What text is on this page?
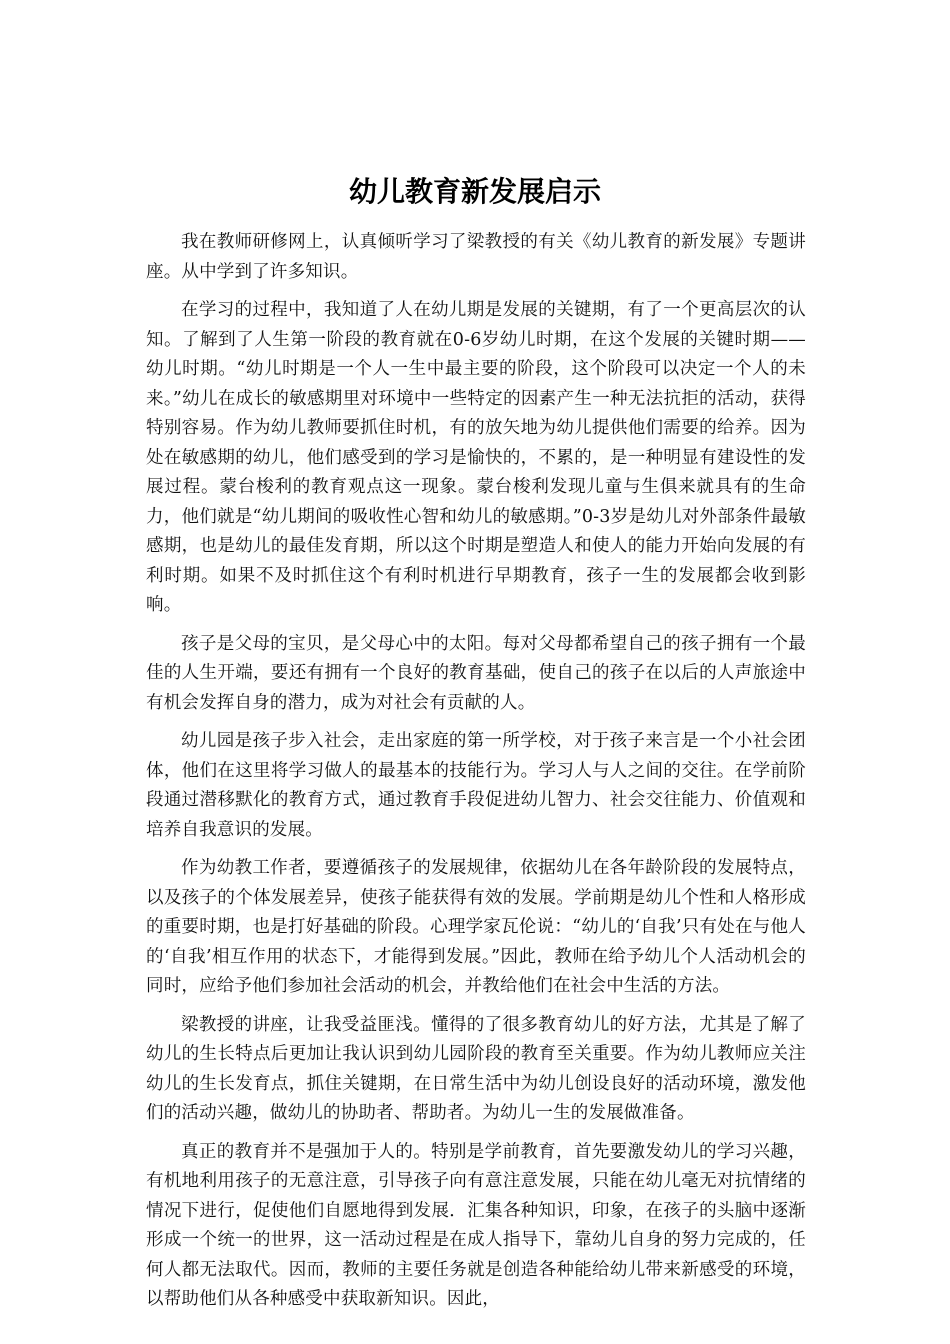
幼儿教育新发展启示

我在教师研修网上，认真倾听学习了梁教授的有关《幼儿教育的新发展》专题讲座。从中学到了许多知识。

在学习的过程中，我知道了人在幼儿期是发展的关键期，有了一个更高层次的认知。了解到了人生第一阶段的教育就在0-6岁幼儿时期，在这个发展的关键时期——幼儿时期。“幼儿时期是一个人一生中最主要的阶段，这个阶段可以决定一个人的未来。”幼儿在成长的敏感期里对环境中一些特定的因素产生一种无法抗拒的活动，获得特别容易。作为幼儿教师要抓住时机，有的放矢地为幼儿提供他们需要的给养。因为处在敏感期的幼儿，他们感受到的学习是愉快的，不累的，是一种明显有建设性的发展过程。蒙台梭利的教育观点这一现象。蒙台梭利发现儿童与生俱来就具有的生命力，他们就是“幼儿期间的吸收性心智和幼儿的敏感期。”0-3岁是幼儿对外部条件最敏感期，也是幼儿的最佳发育期，所以这个时期是塑造人和使人的能力开始向发展的有利时期。如果不及时抓住这个有利时机进行早期教育，孩子一生的发展都会收到影响。

孩子是父母的宝贝，是父母心中的太阳。每对父母都希望自己的孩子拥有一个最佳的人生开端，要还有拥有一个良好的教育基础，使自己的孩子在以后的人声旅途中有机会发挥自身的潜力，成为对社会有贡献的人。

幼儿园是孩子步入社会，走出家庭的第一所学校，对于孩子来言是一个小社会团体，他们在这里将学习做人的最基本的技能行为。学习人与人之间的交往。在学前阶段通过潜移默化的教育方式，通过教育手段促进幼儿智力、社会交往能力、价值观和培养自我意识的发展。

作为幼教工作者，要遵循孩子的发展规律，依据幼儿在各年龄阶段的发展特点，以及孩子的个体发展差异，使孩子能获得有效的发展。学前期是幼儿个性和人格形成的重要时期，也是打好基础的阶段。心理学家瓦伦说：“幼儿的‘自我’只有处在与他人的‘自我’相互作用的状态下，才能得到发展。”因此，教师在给予幼儿个人活动机会的同时，应给予他们参加社会活动的机会，并教给他们在社会中生活的方法。

梁教授的讲座，让我受益匪浅。懂得的了很多教育幼儿的好方法，尤其是了解了幼儿的生长特点后更加让我认识到幼儿园阶段的教育至关重要。作为幼儿教师应关注幼儿的生长发育点，抓住关键期，在日常生活中为幼儿创设良好的活动环境，激发他们的活动兴趣，做幼儿的协助者、帮助者。为幼儿一生的发展做准备。

真正的教育并不是强加于人的。特别是学前教育，首先要激发幼儿的学习兴趣，有机地利用孩子的无意注意，引导孩子向有意注意发展，只能在幼儿毫无对抗情绪的情况下进行，促使他们自愿地得到发展．汇集各种知识，印象，在孩子的头脑中逐渐形成一个统一的世界，这一活动过程是在成人指导下，靠幼儿自身的努力完成的，任何人都无法取代。因而，教师的主要任务就是创造各种能给幼儿带来新感受的环境，以帮助他们从各种感受中获取新知识。因此，
